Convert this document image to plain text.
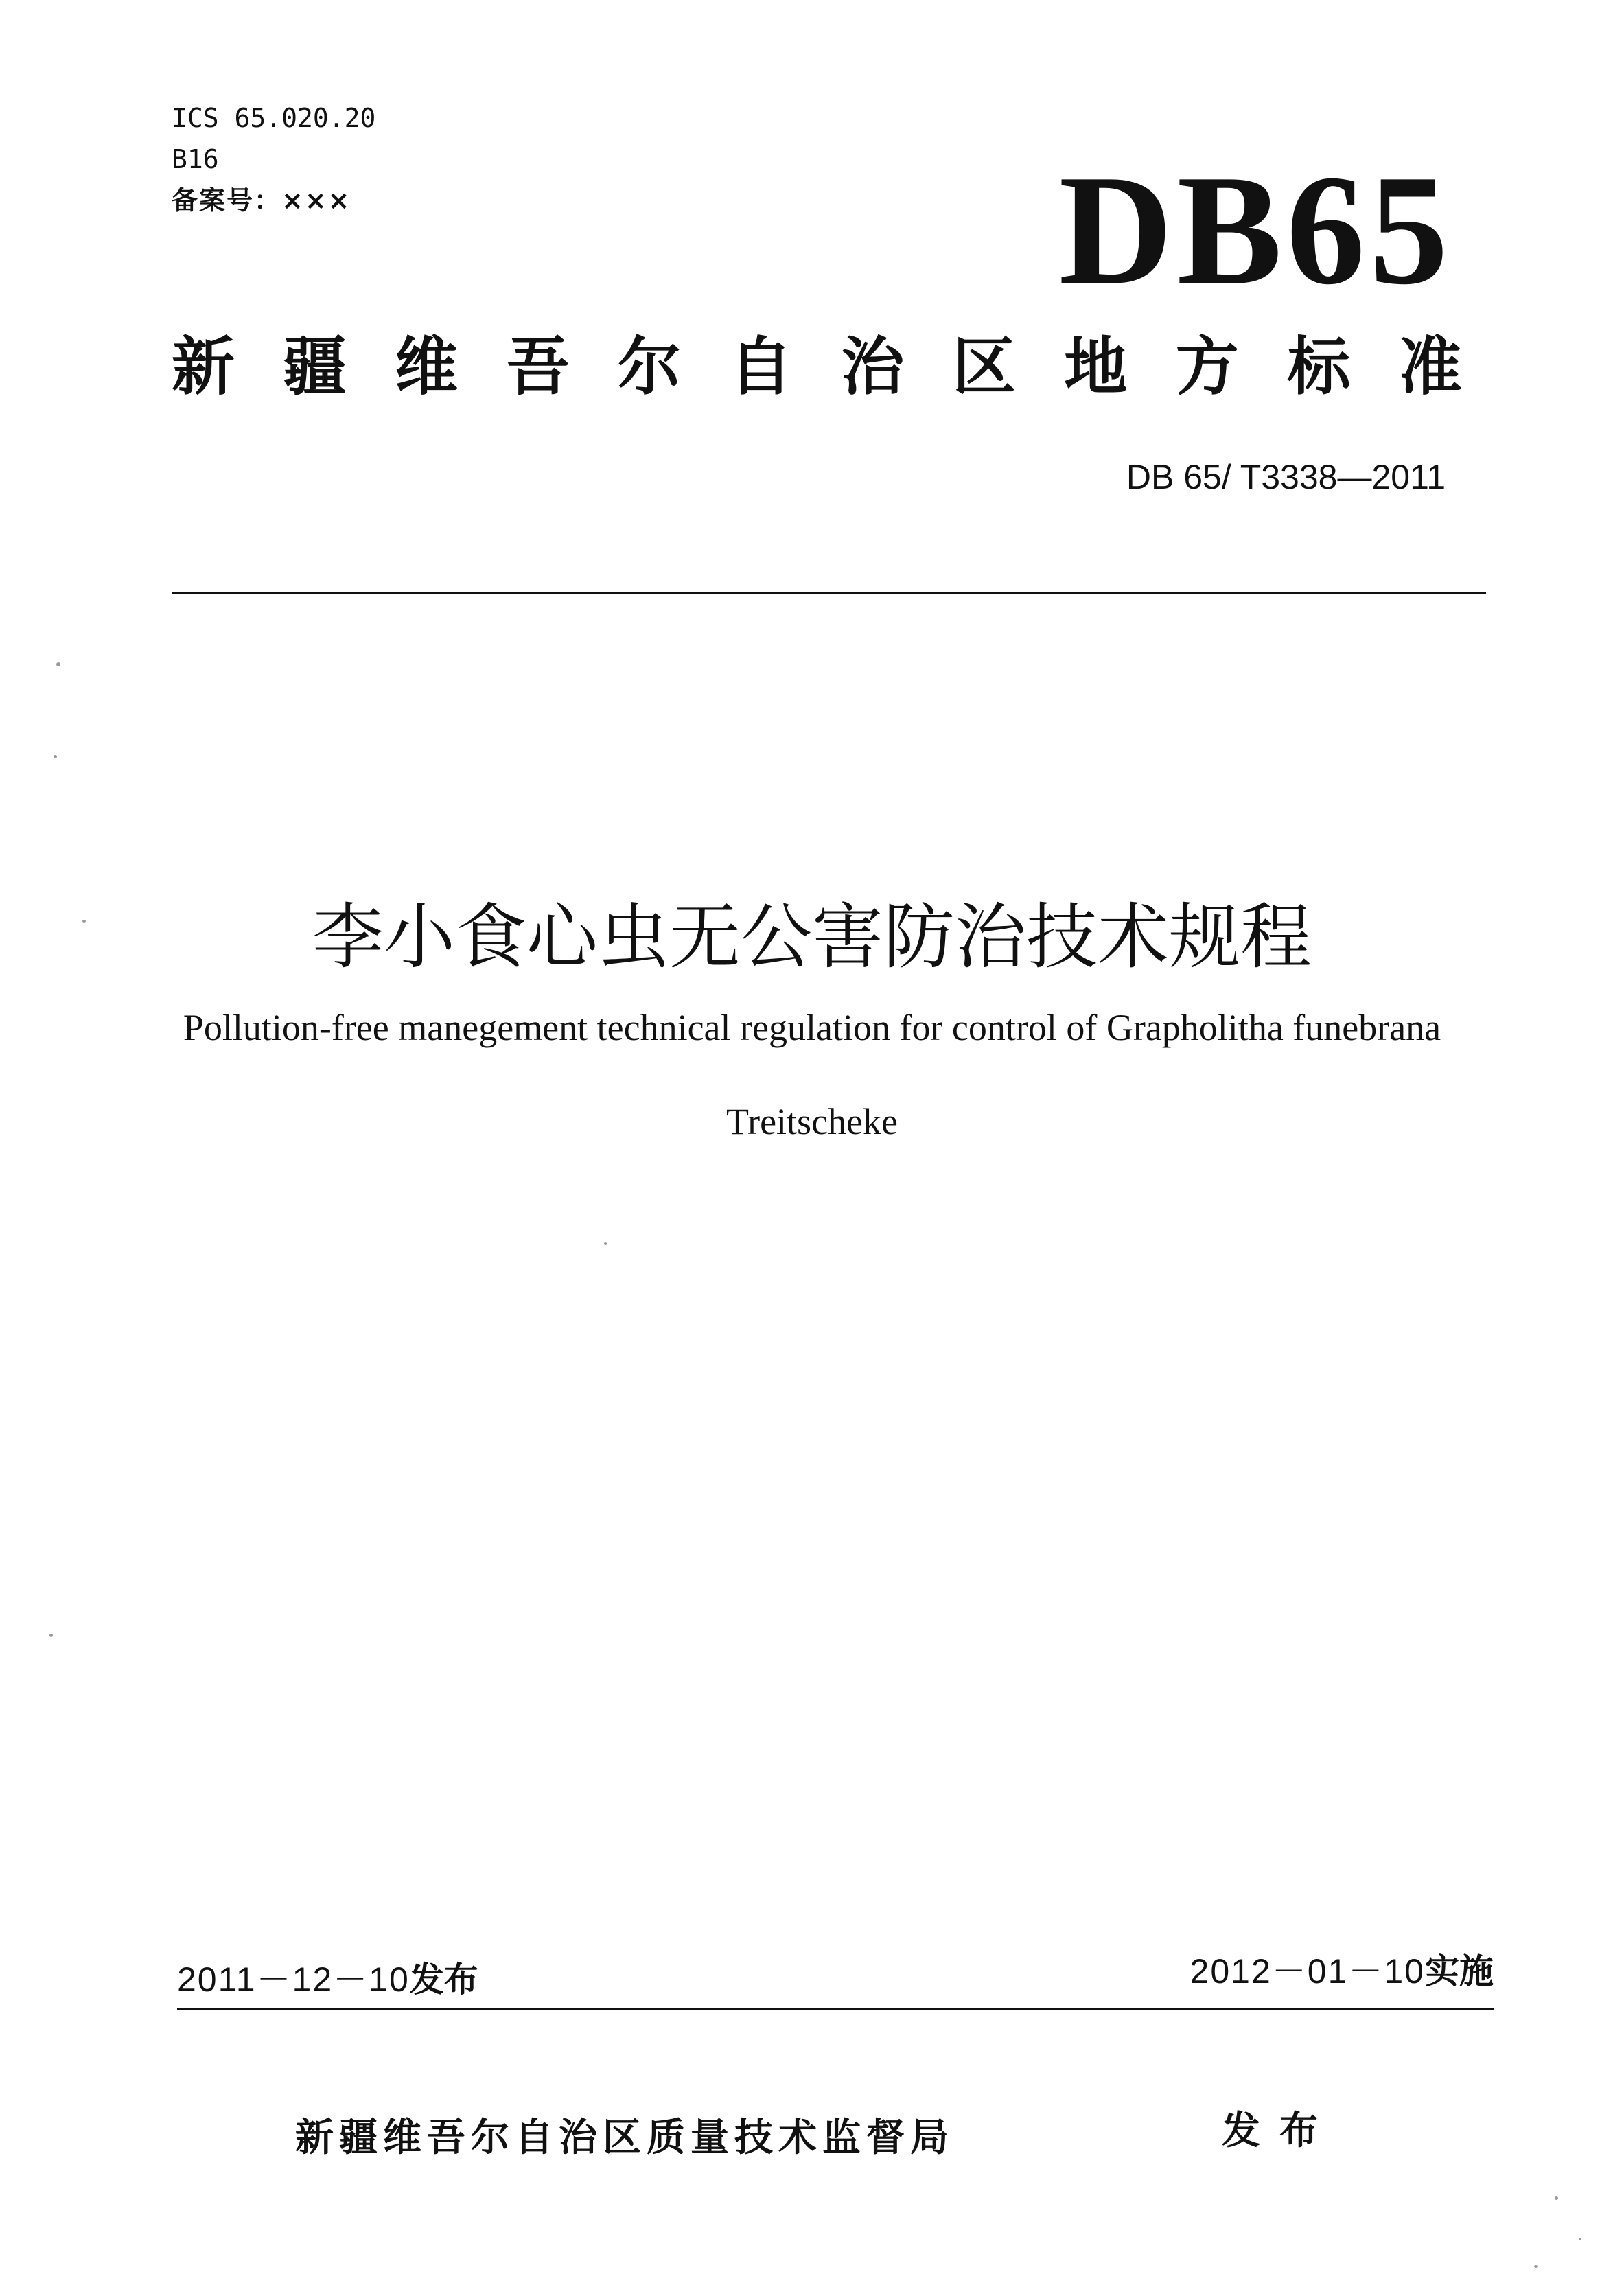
ICS 65.020.20
B16
备案号：×××	DB65
新 疆 维 吾 尔 自 治 区 地 方 标 准
DB 65/ T3338—2011
李小食心虫无公害防治技术规程
Pollution-free manegement technical regulation for control of Grapholitha funebrana
Treitscheke
2011－12－10发布	2012－01－10实施
新疆维吾尔自治区质量技术监督局	发布
